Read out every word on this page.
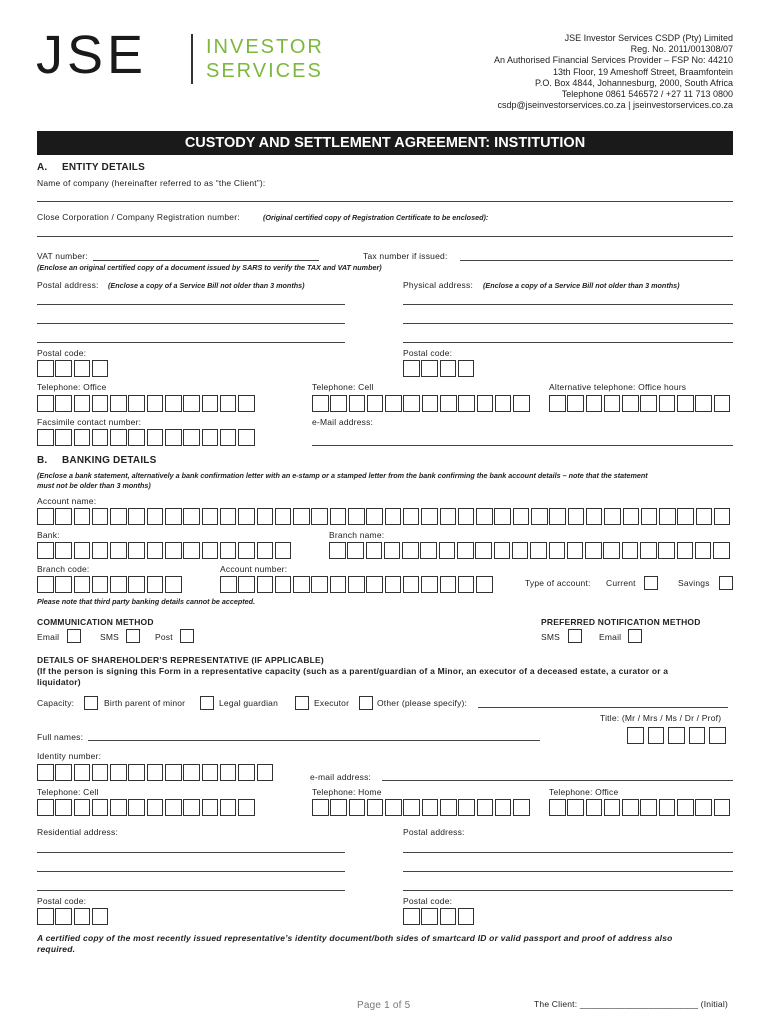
JSE	INVESTOR
SERVICES
JSE Investor Services CSDP (Pty) Limited
Reg. No. 2011/001308/07
An Authorised Financial Services Provider – FSP No: 44210
13th Floor, 19 Ameshoff Street, Braamfontein
P.O. Box 4844, Johannesburg, 2000, South Africa
Telephone 0861 546572 / +27 11 713 0800
csdp@jseinvestorservices.co.za | jseinvestorservices.co.za
CUSTODY AND SETTLEMENT AGREEMENT: INSTITUTION
A. ENTITY DETAILS
Name of company (hereinafter referred to as “the Client”):
Close Corporation / Company Registration number:	(Original certified copy of Registration Certificate to be enclosed):
VAT number:	Tax number if issued:
(Enclose an original certified copy of a document issued by SARS to verify the TAX and VAT number)
Postal address: (Enclose a copy of a Service Bill not older than 3 months)	Physical address: (Enclose a copy of a Service Bill not older than 3 months)
Postal code:	Postal code:
Telephone: Office	Telephone: Cell	Alternative telephone: Office hours
Facsimile contact number:	e-Mail address:
B. BANKING DETAILS
(Enclose a bank statement, alternatively a bank confirmation letter with an e-stamp or a stamped letter from the bank confirming the bank account details – note that the statement
must not be older than 3 months)
Account name:
Bank:	Branch name:
Branch code:	Account number:
Type of account: Current	Savings
Please note that third party banking details cannot be accepted.
COMMUNICATION METHOD
Email	SMS	Post
PREFERRED NOTIFICATION METHOD
SMS	Email
DETAILS OF SHAREHOLDER’S REPRESENTATIVE (IF APPLICABLE)
(If the person is signing this Form in a representative capacity (such as a parent/guardian of a Minor, an executor of a deceased estate, a curator or a
liquidator)
Capacity:	Birth parent of minor	Legal guardian	Executor	Other (please specify):
Title: (Mr / Mrs / Ms / Dr / Prof)
Full names:
Identity number:
e-mail address:
Telephone: Cell	Telephone: Home	Telephone: Office
Residential address:	Postal address:
Postal code:	Postal code:
A certified copy of the most recently issued representative’s identity document/both sides of smartcard ID or valid passport and proof of address also
required.
Page 1 of 5	The Client: ________________________ (Initial)
